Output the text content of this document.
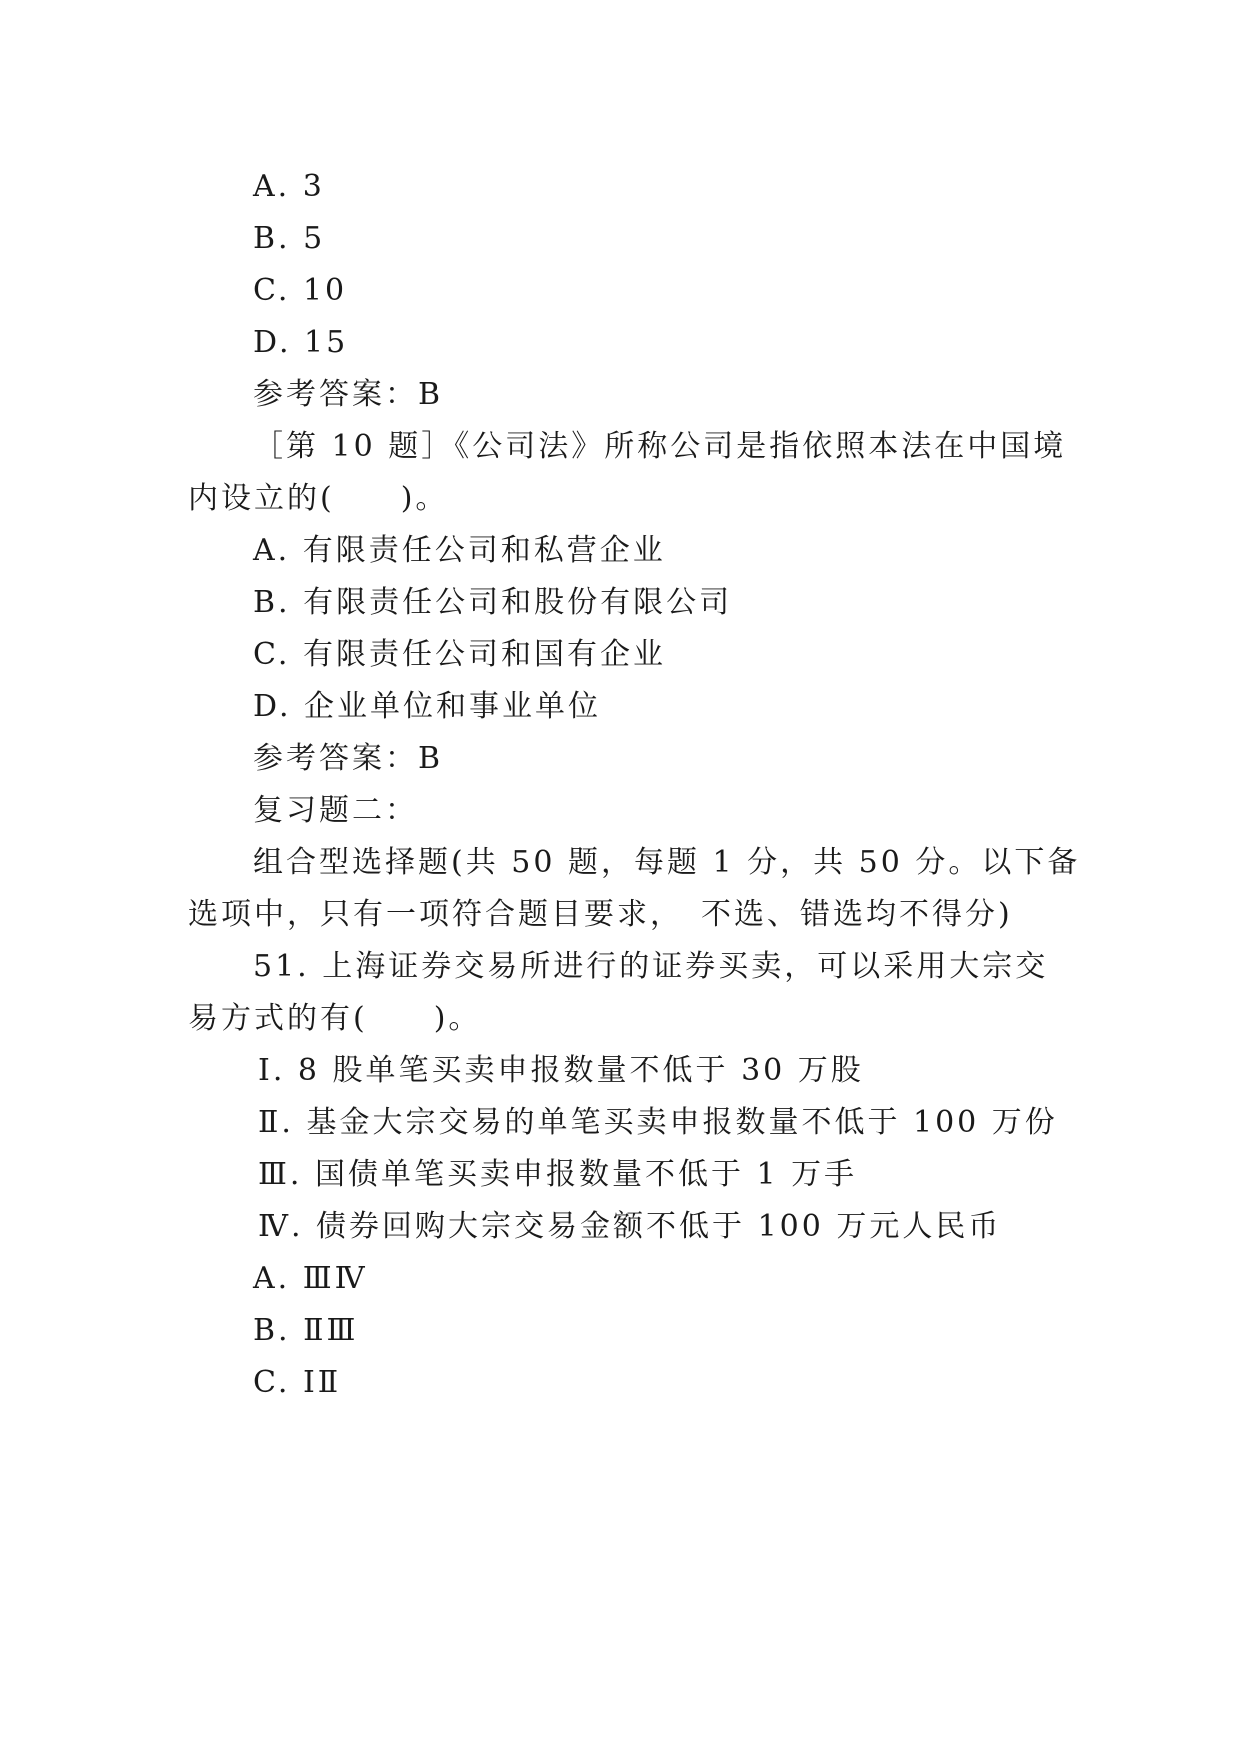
A. 3
B. 5
C. 10
D. 15
参考答案：B
［第 10 题］《公司法》所称公司是指依照本法在中国境
内设立的(　　)。
A. 有限责任公司和私营企业
B. 有限责任公司和股份有限公司
C. 有限责任公司和国有企业
D. 企业单位和事业单位
参考答案：B
复习题二：
组合型选择题(共 50 题，每题 1 分，共 50 分。以下备
选项中，只有一项符合题目要求，　不选、错选均不得分)
51. 上海证券交易所进行的证券买卖，可以采用大宗交
易方式的有(　　)。
Ⅰ. 8 股单笔买卖申报数量不低于 30 万股
Ⅱ. 基金大宗交易的单笔买卖申报数量不低于 100 万份
Ⅲ. 国债单笔买卖申报数量不低于 1 万手
Ⅳ. 债券回购大宗交易金额不低于 100 万元人民币
A. ⅢⅣ
B. ⅡⅢ
C. ⅠⅡ
